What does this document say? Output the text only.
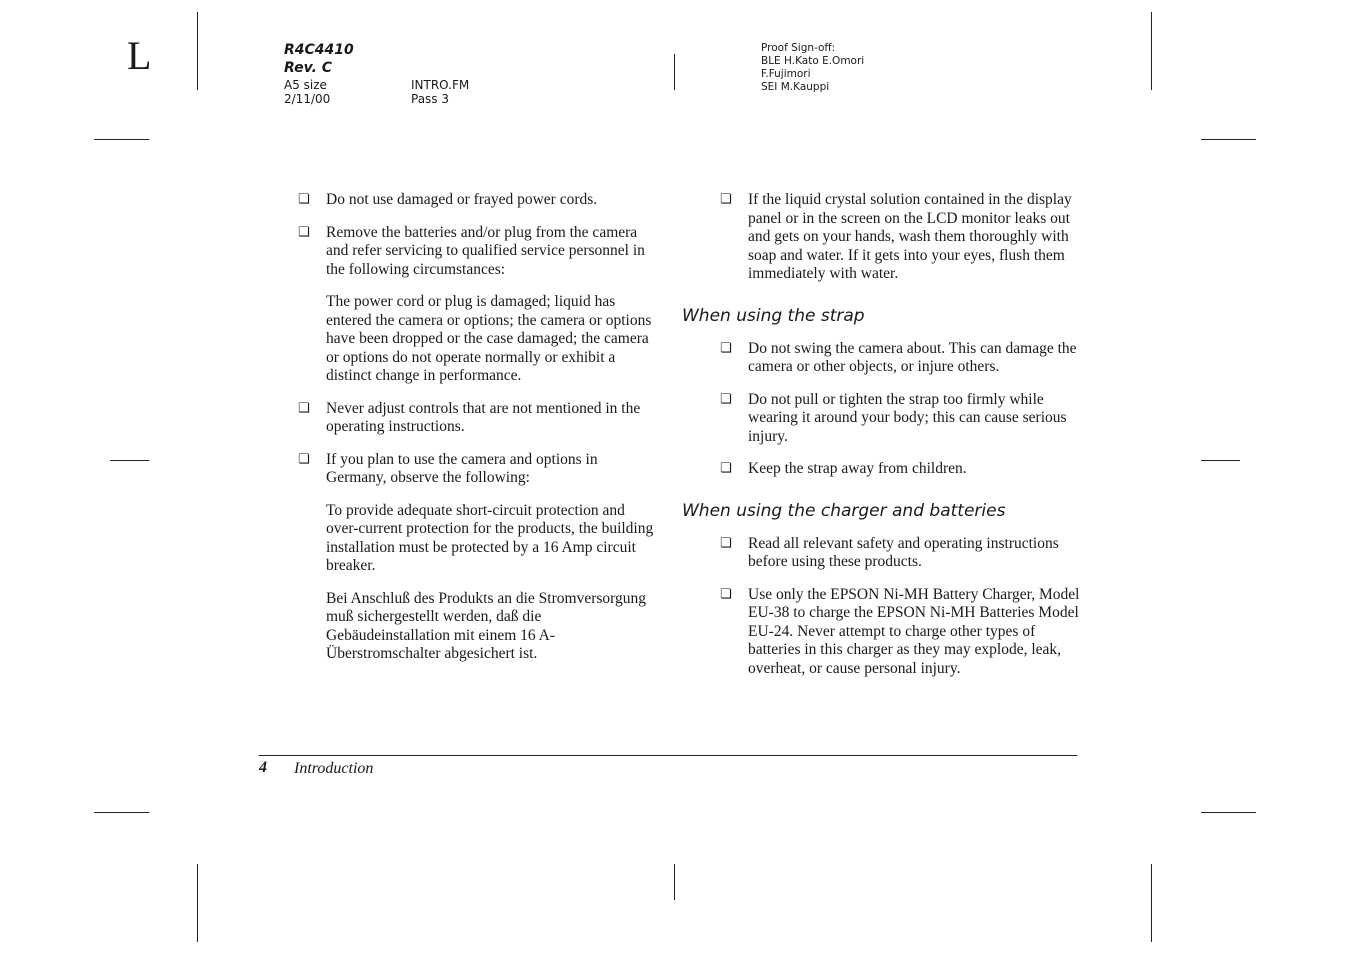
L	R4C4410
Rev. C
A5 size
2/11/00
INTRO.FM
Pass 3
Proof Sign-off:
BLE H.Kato E.Omori
F.Fujimori
SEI M.Kauppi
❏ Do not use damaged or frayed power cords.
❏ Remove the batteries and/or plug from the camera and refer servicing to qualified service personnel in the following circumstances:
The power cord or plug is damaged; liquid has entered the camera or options; the camera or options have been dropped or the case damaged; the camera or options do not operate normally or exhibit a distinct change in performance.
❏ Never adjust controls that are not mentioned in the operating instructions.
❏ If you plan to use the camera and options in Germany, observe the following:
To provide adequate short-circuit protection and over-current protection for the products, the building installation must be protected by a 16 Amp circuit breaker.
Bei Anschluß des Produkts an die Stromversorgung muß sichergestellt werden, daß die Gebäudeinstallation mit einem 16 A-Überstromschalter abgesichert ist.
❏ If the liquid crystal solution contained in the display panel or in the screen on the LCD monitor leaks out and gets on your hands, wash them thoroughly with soap and water. If it gets into your eyes, flush them immediately with water.
When using the strap
❏ Do not swing the camera about. This can damage the camera or other objects, or injure others.
❏ Do not pull or tighten the strap too firmly while wearing it around your body; this can cause serious injury.
❏ Keep the strap away from children.
When using the charger and batteries
❏ Read all relevant safety and operating instructions before using these products.
❏ Use only the EPSON Ni-MH Battery Charger, Model EU-38 to charge the EPSON Ni-MH Batteries Model EU-24. Never attempt to charge other types of batteries in this charger as they may explode, leak, overheat, or cause personal injury.
4 Introduction
